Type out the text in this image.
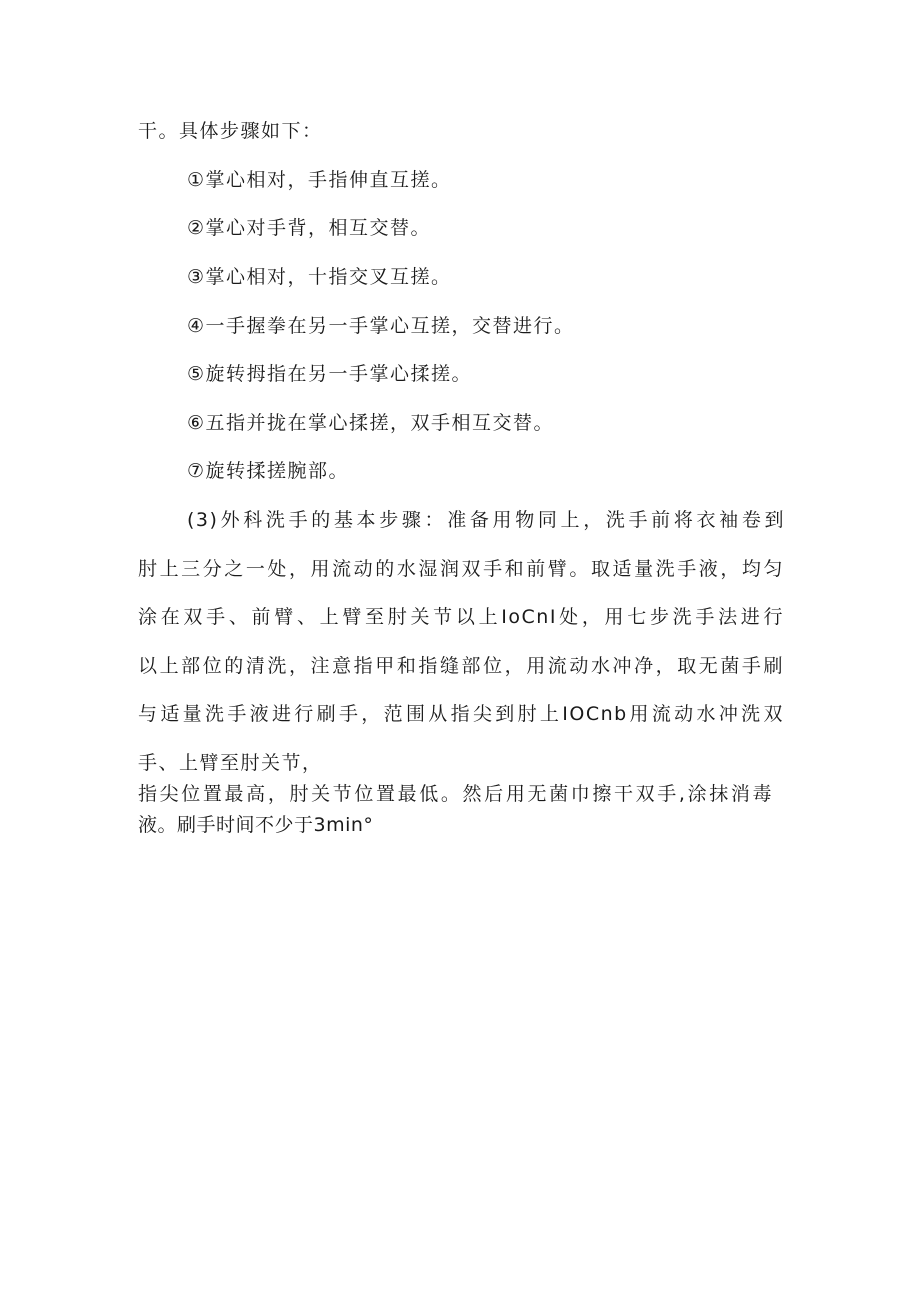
干。具体步骤如下：
①掌心相对，手指伸直互搓。
②掌心对手背，相互交替。
③掌心相对，十指交叉互搓。
④一手握拳在另一手掌心互搓，交替进行。
⑤旋转拇指在另一手掌心揉搓。
⑥五指并拢在掌心揉搓，双手相互交替。
⑦旋转揉搓腕部。
(3)外科洗手的基本步骤：准备用物同上，洗手前将衣袖卷到
肘上三分之一处，用流动的水湿润双手和前臂。取适量洗手液，均匀
涂在双手、前臂、上臂至肘关节以上IoCnI处，用七步洗手法进行
以上部位的清洗，注意指甲和指缝部位，用流动水冲净，取无菌手刷
与适量洗手液进行刷手，范围从指尖到肘上IOCnb用流动水冲洗双
手、上臂至肘关节，
指尖位置最高，肘关节位置最低。然后用无菌巾擦干双手,涂抹消毒
液。刷手时间不少于3min°
